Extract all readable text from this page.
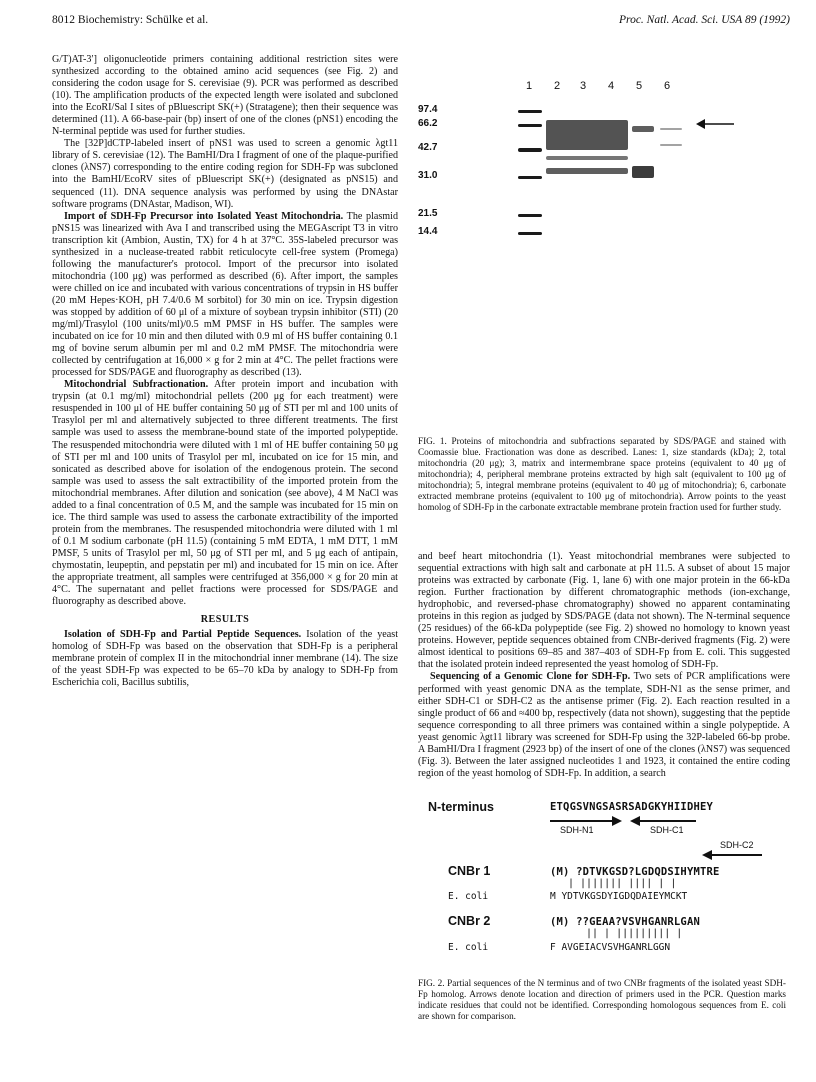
8012 Biochemistry: Schülke et al.	Proc. Natl. Acad. Sci. USA 89 (1992)

G/T)AT-3′] oligonucleotide primers containing additional restriction sites were synthesized according to the obtained amino acid sequences (see Fig. 2) and considering the codon usage for S. cerevisiae (9). PCR was performed as described (10). The amplification products of the expected length were isolated and subcloned into the EcoRI/Sal I sites of pBluescript SK(+) (Stratagene); then their sequence was determined (11). A 66-base-pair (bp) insert of one of the clones (pNS1) encoding the N-terminal peptide was used for further studies.

The [32P]dCTP-labeled insert of pNS1 was used to screen a genomic λgt11 library of S. cerevisiae (12). The BamHI/Dra I fragment of one of the plaque-purified clones (λNS7) corresponding to the entire coding region for SDH-Fp was subcloned into the BamHI/EcoRV sites of pBluescript SK(+) (designated as pNS15) and sequenced (11). DNA sequence analysis was performed by using the DNAstar software programs (DNAstar, Madison, WI).

Import of SDH-Fp Precursor into Isolated Yeast Mitochondria. The plasmid pNS15 was linearized with Ava I and transcribed using the MEGAscript T3 in vitro transcription kit (Ambion, Austin, TX) for 4 h at 37°C. 35S-labeled precursor was synthesized in a nuclease-treated rabbit reticulocyte cell-free system (Promega) following the manufacturer's protocol. Import of the precursor into isolated mitochondria (100 μg) was performed as described (6). After import, the samples were chilled on ice and incubated with various concentrations of trypsin in HS buffer (20 mM Hepes·KOH, pH 7.4/0.6 M sorbitol) for 30 min on ice. Trypsin digestion was stopped by addition of 60 μl of a mixture of soybean trypsin inhibitor (STI) (20 mg/ml)/Trasylol (100 units/ml)/0.5 mM PMSF in HS buffer. The samples were incubated on ice for 10 min and then diluted with 0.9 ml of HS buffer containing 0.1 mg of bovine serum albumin per ml and 0.2 mM PMSF. The mitochondria were collected by centrifugation at 16,000 × g for 2 min at 4°C. The pellet fractions were processed for SDS/PAGE and fluorography as described (13).

Mitochondrial Subfractionation. After protein import and incubation with trypsin (at 0.1 mg/ml) mitochondrial pellets (200 μg for each treatment) were resuspended in 100 μl of HE buffer containing 50 μg of STI per ml and 100 units of Trasylol per ml and alternatively subjected to three different treatments. The first sample was used to assess the membrane-bound state of the imported polypeptide. The resuspended mitochondria were diluted with 1 ml of HE buffer containing 50 μg of STI per ml and 100 units of Trasylol per ml, incubated on ice for 15 min, and sonicated as described above for isolation of the endogenous protein. The second sample was used to assess the salt extractibility of the imported protein from the mitochondrial membranes. After dilution and sonication (see above), 4 M NaCl was added to a final concentration of 0.5 M, and the sample was incubated for 15 min on ice. The third sample was used to assess the carbonate extractibility of the imported protein from the membranes. The resuspended mitochondria were diluted with 1 ml of 0.1 M sodium carbonate (pH 11.5) (containing 5 mM EDTA, 1 mM DTT, 1 mM PMSF, 5 units of Trasylol per ml, 50 μg of STI per ml, and 5 μg each of antipain, chymostatin, leupeptin, and pepstatin per ml) and incubated for 15 min on ice. After the appropriate treatment, all samples were centrifuged at 356,000 × g for 20 min at 4°C. The supernatant and pellet fractions were processed for SDS/PAGE and fluorography as described above.

RESULTS

Isolation of SDH-Fp and Partial Peptide Sequences. Isolation of the yeast homolog of SDH-Fp was based on the observation that SDH-Fp is a peripheral membrane protein of complex II in the mitochondrial inner membrane (14). The size of the yeast SDH-Fp was expected to be 65–70 kDa by analogy to SDH-Fp from Escherichia coli, Bacillus subtilis,

1 2 3 4 5 6
97.4
66.2
42.7
31.0
21.5
14.4
FIG. 1. Proteins of mitochondria and subfractions separated by SDS/PAGE and stained with Coomassie blue. Fractionation was done as described. Lanes: 1, size standards (kDa); 2, total mitochondria (20 μg); 3, matrix and intermembrane space proteins (equivalent to 40 μg of mitochondria); 4, peripheral membrane proteins extracted by high salt (equivalent to 100 μg of mitochondria); 5, integral membrane proteins (equivalent to 40 μg of mitochondria); 6, carbonate extracted membrane proteins (equivalent to 100 μg of mitochondria). Arrow points to the yeast homolog of SDH-Fp in the carbonate extractable membrane protein fraction used for further study.

and beef heart mitochondria (1). Yeast mitochondrial membranes were subjected to sequential extractions with high salt and carbonate at pH 11.5. A subset of about 15 major proteins was extracted by carbonate (Fig. 1, lane 6) with one major protein in the 66-kDa region. Further fractionation by different chromatographic methods (ion-exchange, hydrophobic, and reversed-phase chromatography) showed no apparent contaminating proteins in this region as judged by SDS/PAGE (data not shown). The N-terminal sequence (25 residues) of the 66-kDa polypeptide (see Fig. 2) showed no homology to known yeast proteins. However, peptide sequences obtained from CNBr-derived fragments (Fig. 2) were almost identical to positions 69–85 and 387–403 of SDH-Fp from E. coli. This suggested that the isolated protein indeed represented the yeast homolog of SDH-Fp.

Sequencing of a Genomic Clone for SDH-Fp. Two sets of PCR amplifications were performed with yeast genomic DNA as the template, SDH-N1 as the sense primer, and either SDH-C1 or SDH-C2 as the antisense primer (Fig. 2). Each reaction resulted in a single product of 66 and ≈400 bp, respectively (data not shown), suggesting that the peptide sequence corresponding to all three primers was contained within a single polypeptide. A yeast genomic λgt11 library was screened for SDH-Fp using the 32P-labeled 66-bp probe. A BamHI/Dra I fragment (2923 bp) of the insert of one of the clones (λNS7) was sequenced (Fig. 3). Between the later assigned nucleotides 1 and 1923, it contained the entire coding region of the yeast homolog of SDH-Fp. In addition, a search

N-terminus	ETQGSVNGSASRSADGKYHIIDHEY
SDH-N1	SDH-C1
SDH-C2
CNBr 1	(M) ?DTVKGSD?LGDQDSIHYMTRE
| ||||||| |||| | |
E. coli	M YDTVKGSDYIGDQDAIEYMCKT
CNBr 2	(M) ??GEAA?VSVHGANRLGAN
|| | ||||||||| |
E. coli	F AVGEIACVSVHGANRLGGN
FIG. 2. Partial sequences of the N terminus and of two CNBr fragments of the isolated yeast SDH-Fp homolog. Arrows denote location and direction of primers used in the PCR. Question marks indicate residues that could not be identified. Corresponding homologous sequences from E. coli are shown for comparison.
